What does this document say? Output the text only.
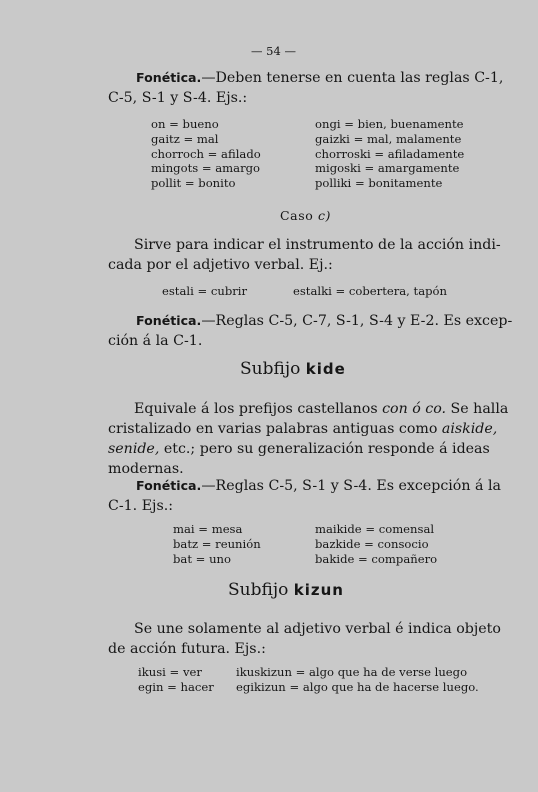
— 54 —
Fonética.—Deben tenerse en cuenta las reglas C-1,
C-5, S-1 y S-4. Ejs.:
on = bueno
gaitz = mal
chorroch = afilado
mingots = amargo
pollit = bonito
ongi = bien, buenamente
gaizki = mal, malamente
chorroski = afiladamente
migoski = amargamente
polliki = bonitamente
Caso c)
Sirve para indicar el instrumento de la acción indi-
cada por el adjetivo verbal. Ej.:
estali = cubrir	estalki = cobertera, tapón
Fonética.—Reglas C-5, C-7, S-1, S-4 y E-2. Es excep-
ción á la C-1.
Subfijo kide
Equivale á los prefijos castellanos con ó co. Se halla
cristalizado en varias palabras antiguas como aiskide,
senide, etc.; pero su generalización responde á ideas
modernas.
Fonética.—Reglas C-5, S-1 y S-4. Es excepción á la
C-1. Ejs.:
mai = mesa
batz = reunión
bat = uno
maikide = comensal
bazkide = consocio
bakide = compañero
Subfijo kizun
Se une solamente al adjetivo verbal é indica objeto
de acción futura. Ejs.:
ikusi = ver
egin = hacer
ikuskizun = algo que ha de verse luego
egikizun = algo que ha de hacerse luego.
